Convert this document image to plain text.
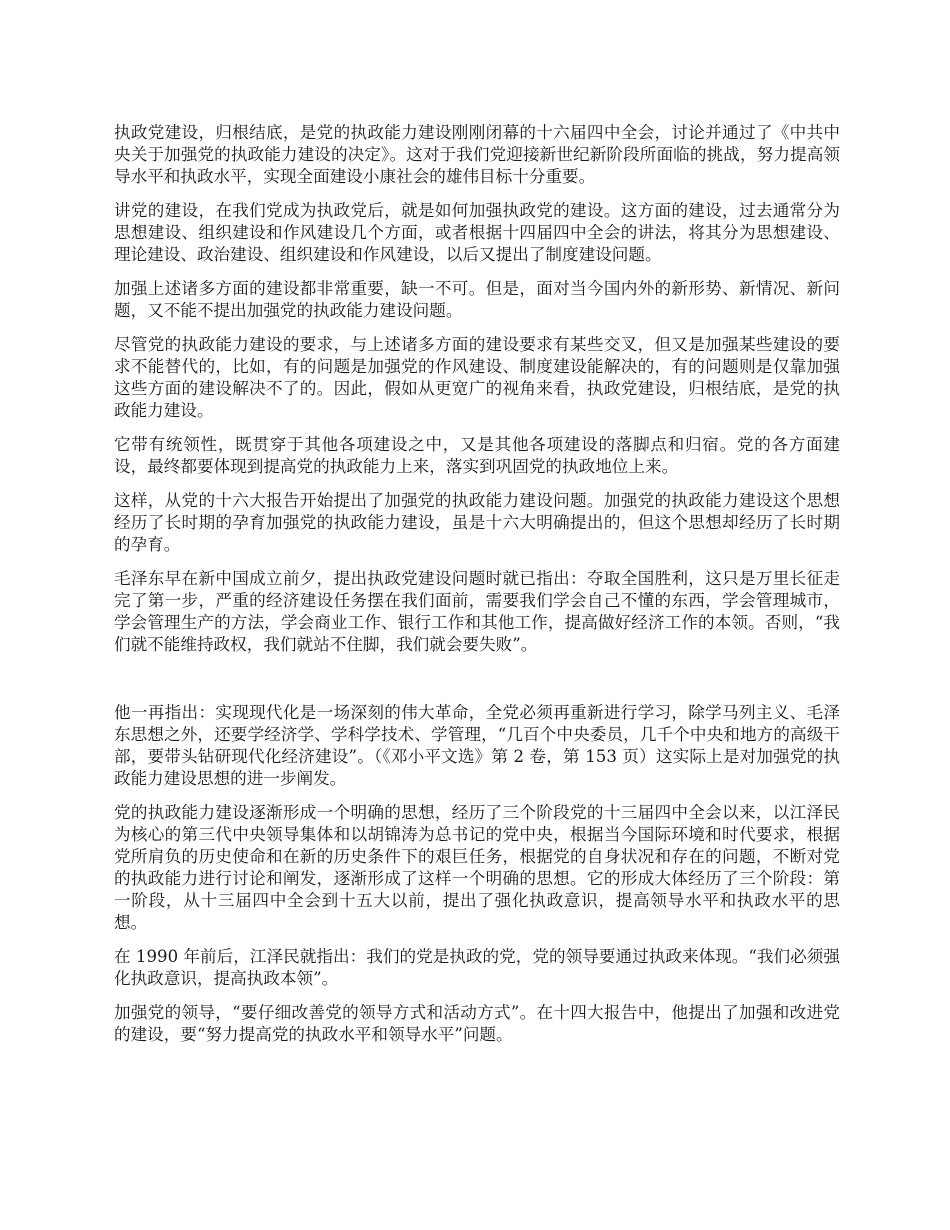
执政党建设，归根结底，是党的执政能力建设刚刚闭幕的十六届四中全会，讨论并通过了《中共中央关于加强党的执政能力建设的决定》。这对于我们党迎接新世纪新阶段所面临的挑战，努力提高领导水平和执政水平，实现全面建设小康社会的雄伟目标十分重要。

讲党的建设，在我们党成为执政党后，就是如何加强执政党的建设。这方面的建设，过去通常分为思想建设、组织建设和作风建设几个方面，或者根据十四届四中全会的讲法，将其分为思想建设、理论建设、政治建设、组织建设和作风建设，以后又提出了制度建设问题。

加强上述诸多方面的建设都非常重要，缺一不可。但是，面对当今国内外的新形势、新情况、新问题，又不能不提出加强党的执政能力建设问题。

尽管党的执政能力建设的要求，与上述诸多方面的建设要求有某些交叉，但又是加强某些建设的要求不能替代的，比如，有的问题是加强党的作风建设、制度建设能解决的，有的问题则是仅靠加强这些方面的建设解决不了的。因此，假如从更宽广的视角来看，执政党建设，归根结底，是党的执政能力建设。

它带有统领性，既贯穿于其他各项建设之中，又是其他各项建设的落脚点和归宿。党的各方面建设，最终都要体现到提高党的执政能力上来，落实到巩固党的执政地位上来。

这样，从党的十六大报告开始提出了加强党的执政能力建设问题。加强党的执政能力建设这个思想经历了长时期的孕育加强党的执政能力建设，虽是十六大明确提出的，但这个思想却经历了长时期的孕育。

毛泽东早在新中国成立前夕，提出执政党建设问题时就已指出：夺取全国胜利，这只是万里长征走完了第一步，严重的经济建设任务摆在我们面前，需要我们学会自己不懂的东西，学会管理城市，学会管理生产的方法，学会商业工作、银行工作和其他工作，提高做好经济工作的本领。否则，“我们就不能维持政权，我们就站不住脚，我们就会要失败”。

他一再指出：实现现代化是一场深刻的伟大革命，全党必须再重新进行学习，除学马列主义、毛泽东思想之外，还要学经济学、学科学技术、学管理，“几百个中央委员，几千个中央和地方的高级干部，要带头钻研现代化经济建设”。（《邓小平文选》第 2 卷，第 153 页）这实际上是对加强党的执政能力建设思想的进一步阐发。

党的执政能力建设逐渐形成一个明确的思想，经历了三个阶段党的十三届四中全会以来，以江泽民为核心的第三代中央领导集体和以胡锦涛为总书记的党中央，根据当今国际环境和时代要求，根据党所肩负的历史使命和在新的历史条件下的艰巨任务，根据党的自身状况和存在的问题，不断对党的执政能力进行讨论和阐发，逐渐形成了这样一个明确的思想。它的形成大体经历了三个阶段：第一阶段，从十三届四中全会到十五大以前，提出了强化执政意识，提高领导水平和执政水平的思想。

在 1990 年前后，江泽民就指出：我们的党是执政的党，党的领导要通过执政来体现。“我们必须强化执政意识，提高执政本领”。

加强党的领导，“要仔细改善党的领导方式和活动方式”。在十四大报告中，他提出了加强和改进党的建设，要“努力提高党的执政水平和领导水平”问题。
